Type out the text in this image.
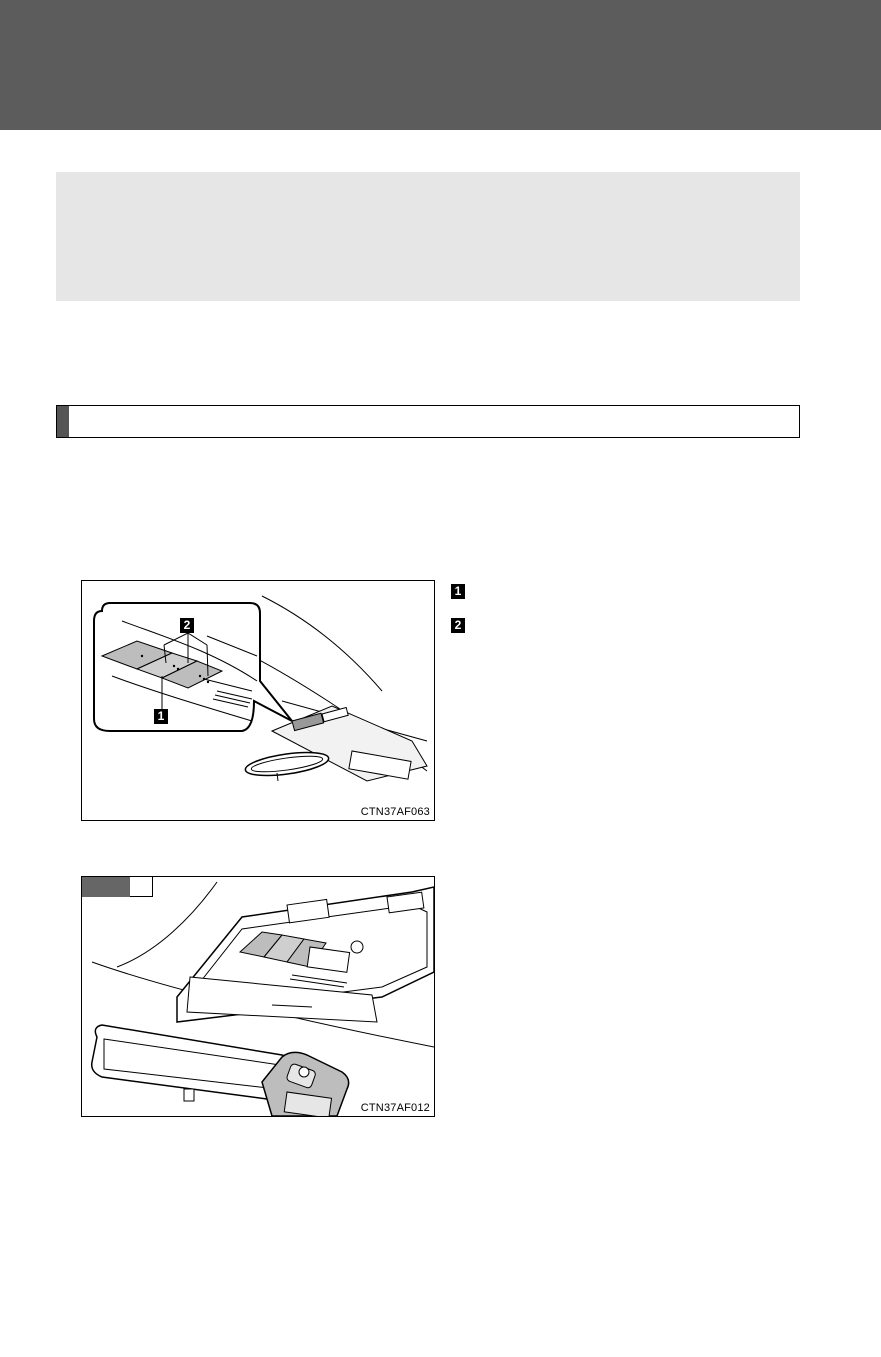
2
1
CTN37AF063
1
2
CTN37AF012
